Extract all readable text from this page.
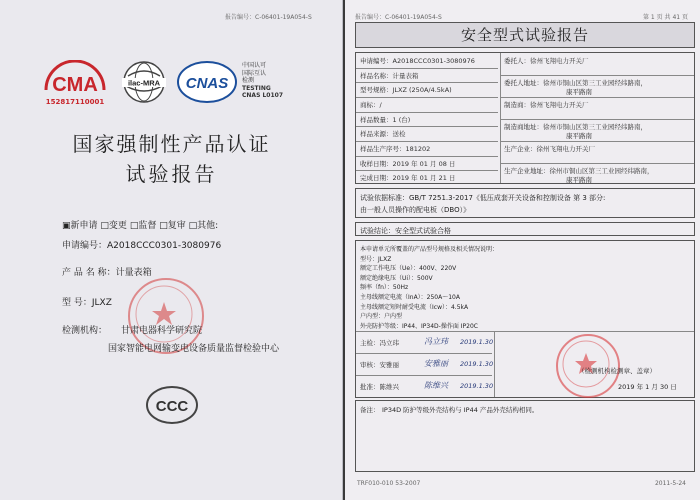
报告编号：C-06401-19A054-S
CMA
152817110001
ilac-MRA CNAS
中国认可
国际互认
检测
TESTING
CNAS L0107
国家强制性产品认证
试验报告
▣新申请 □变更 □监督 □复审 □其他:
申请编号：A2018CCC0301-3080976
产 品 名 称：计量表箱
型 号：JLXZ
检测机构： 甘肃电器科学研究院
国家智能电网输变电设备质量监督检验中心
CCC
报告编号：C-06401-19A054-S	第 1 页 共 41 页
安全型式试验报告
申请编号：A2018CCC0301-3080976
样品名称：计量表箱
型号规格：JLXZ (250A/4.5kA)
商标：/
样品数量：1 (台)
样品来源：送检
样品生产序号：181202
收样日期：2019 年 01 月 08 日
完成日期：2019 年 01 月 21 日
委托人：徐州飞翔电力开关厂
委托人地址：徐州市铜山区第三工业园经纬路南，
康平路南
制造商：徐州飞翔电力开关厂
制造商地址：徐州市铜山区第三工业园经纬路南，
康平路南
生产企业：徐州飞翔电力开关厂
生产企业地址：徐州市铜山区第三工业园经纬路南，
康平路南
试验依据标准：GB/T 7251.3-2017《低压成套开关设备和控制设备 第 3 部分:
由一般人员操作的配电板（DBO）》
试验结论：安全型式试验合格
本申请单元所覆盖的产品型号规格及相关情况说明：
型号：JLXZ
额定工作电压（Ue）：400V、220V
额定绝缘电压（Ui）：500V
频率（fn）：50Hz
主母线额定电流（InA）：250A～10A
主母线额定短时耐受电流（Icw）：4.5kA
户内型：户内型
外壳防护等级：IP44、IP34D-操作面 IP20C
主检：冯立玮	冯立玮 2019.1.30
审核：安雅丽	安雅丽 2019.1.30
批准：陈维兴	陈维兴 2019.1.30
（检测机构检测章、盖章）
2019 年 1 月 30 日
备注： IP34D 防护等级外壳结构与 IP44 产品外壳结构相同。
TRF010-010 53-2007	2011-5-24
